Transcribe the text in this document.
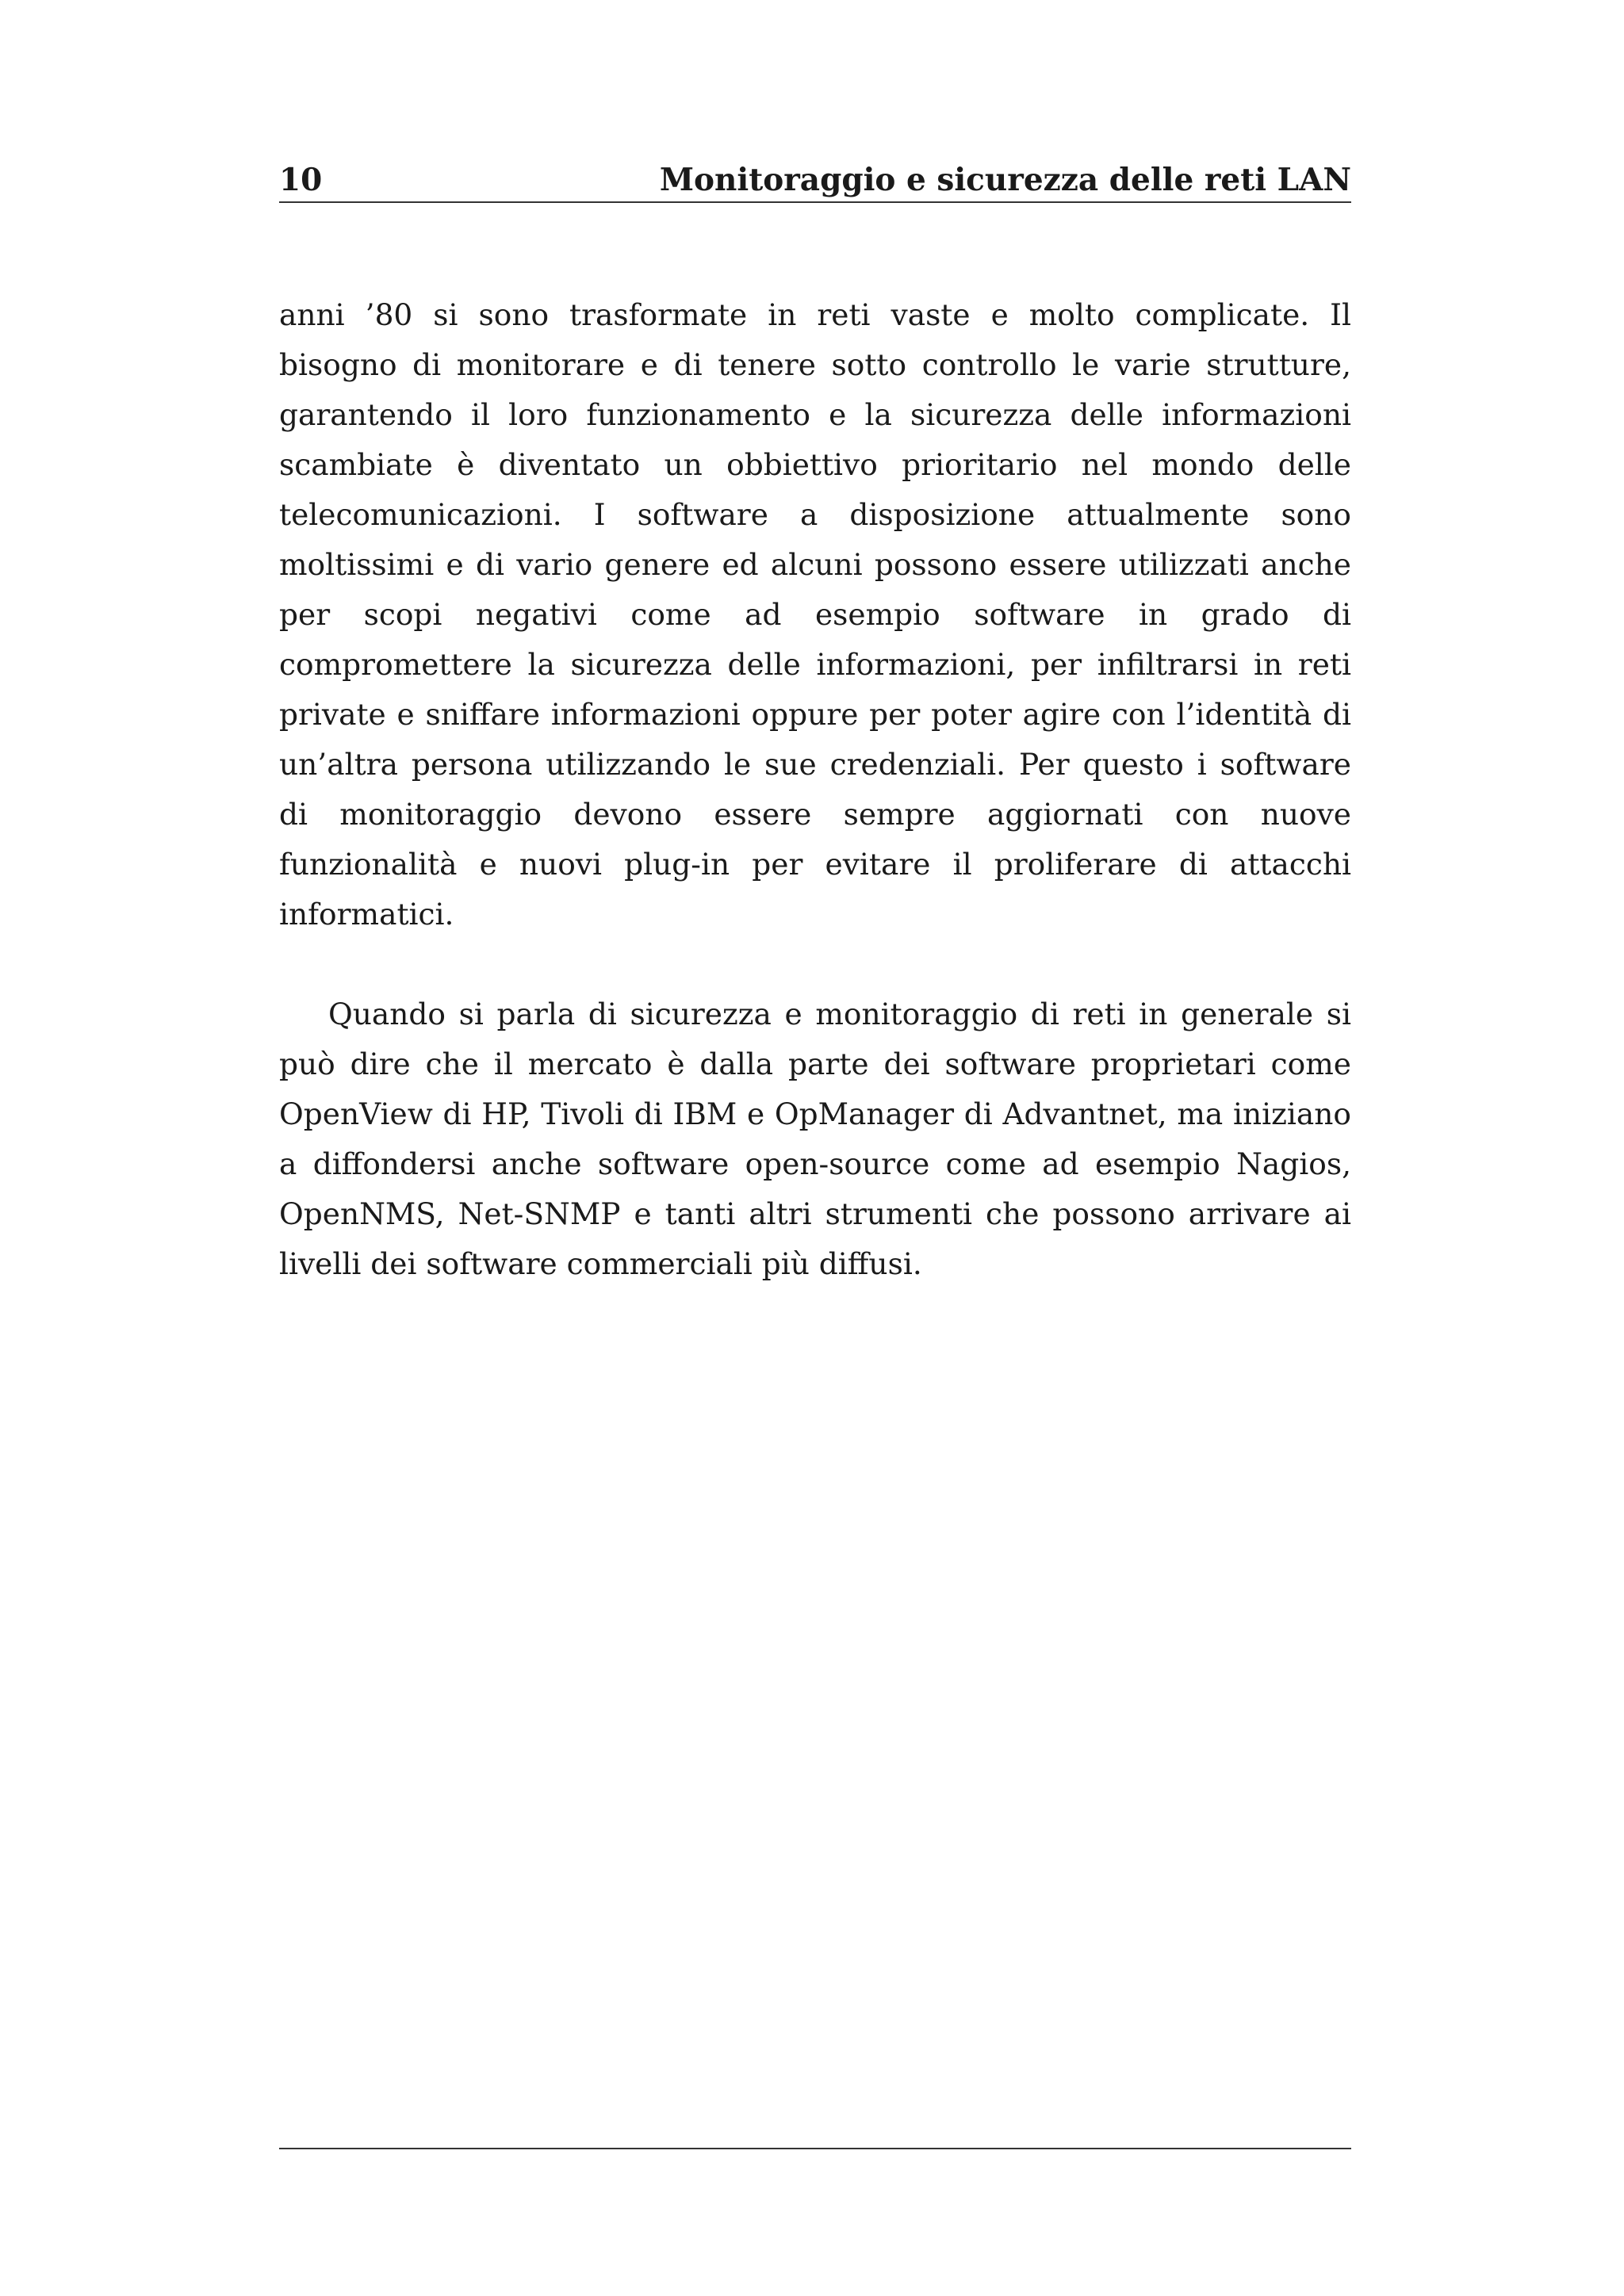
10	Monitoraggio e sicurezza delle reti LAN

anni ’80 si sono trasformate in reti vaste e molto complicate. Il bisogno di monitorare e di tenere sotto controllo le varie strutture, garantendo il loro funzionamento e la sicurezza delle informazioni scambiate è diventato un obbiettivo prioritario nel mondo delle telecomunicazioni. I software a disposizione attualmente sono moltissimi e di vario genere ed alcuni possono essere utilizzati anche per scopi negativi come ad esempio software in grado di compromettere la sicurezza delle informazioni, per infiltrarsi in reti private e sniffare informazioni oppure per poter agire con l’identità di un’altra persona utilizzando le sue credenziali. Per questo i software di monitoraggio devono essere sempre aggiornati con nuove funzionalità e nuovi plug-in per evitare il proliferare di attacchi informatici.

Quando si parla di sicurezza e monitoraggio di reti in generale si può dire che il mercato è dalla parte dei software proprietari come OpenView di HP, Tivoli di IBM e OpManager di Advantnet, ma iniziano a diffondersi anche software open-source come ad esempio Nagios, OpenNMS, Net-SNMP e tanti altri strumenti che possono arrivare ai livelli dei software commerciali più diffusi.
